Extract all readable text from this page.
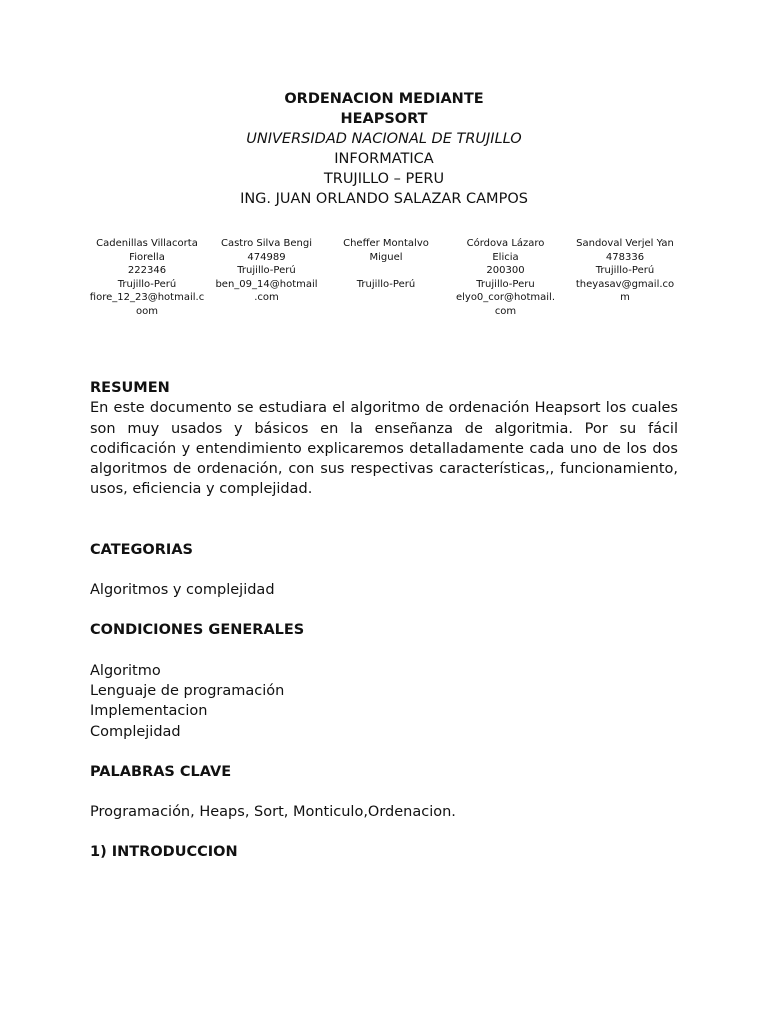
ORDENACION MEDIANTE
HEAPSORT
UNIVERSIDAD NACIONAL DE TRUJILLO
INFORMATICA
TRUJILLO – PERU
ING. JUAN ORLANDO SALAZAR CAMPOS
Cadenillas Villacorta
Fiorella
222346
Trujillo-Perú
fiore_12_23@hotmail.c
oom
Castro Silva Bengi
474989
Trujillo-Perú
ben_09_14@hotmail
.com
Cheffer Montalvo
Miguel
Trujillo-Perú
Córdova Lázaro
Elicia
200300
Trujillo-Peru
elyo0_cor@hotmail.
com
Sandoval Verjel Yan
478336
Trujillo-Perú
theyasav@gmail.co
m
RESUMEN
En este documento se estudiara el algoritmo de ordenación Heapsort los cuales son muy usados y básicos en la enseñanza de algoritmia. Por su fácil codificación y entendimiento explicaremos detalladamente cada uno de los dos algoritmos de ordenación, con sus respectivas características,, funcionamiento, usos, eficiencia y complejidad.
CATEGORIAS
Algoritmos y complejidad
CONDICIONES GENERALES
Algoritmo
Lenguaje de programación
Implementacion
Complejidad
PALABRAS CLAVE
Programación, Heaps, Sort, Monticulo,Ordenacion.
1) INTRODUCCION
